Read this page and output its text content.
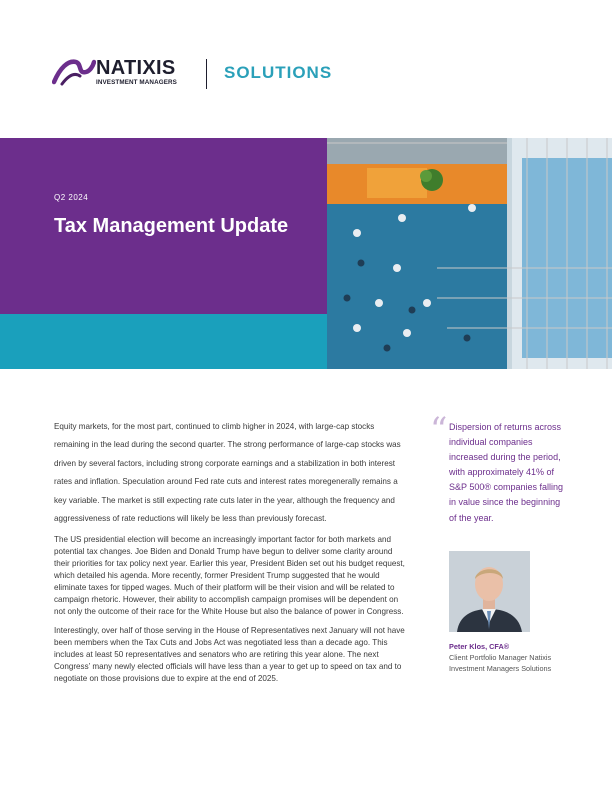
NATIXIS
INVESTMENT MANAGERS
SOLUTIONS
Q2 2024
Tax Management Update

Equity markets, for the most part, continued to climb higher in 2024, with large-cap stocks remaining in the lead during the second quarter. The strong performance of large-cap stocks was driven by several factors, including strong corporate earnings and a stabilization in both interest rates and inflation. Speculation around Fed rate cuts and interest rates moregenerally remains a key variable. The market is still expecting rate cuts later in the year, although the frequency and aggressiveness of rate reductions will likely be less than previously forecast.

The US presidential election will become an increasingly important factor for both markets and potential tax changes. Joe Biden and Donald Trump have begun to deliver some clarity around their priorities for tax policy next year. Earlier this year, President Biden set out his budget request, which detailed his agenda. More recently, former President Trump suggested that he would eliminate taxes for tipped wages. Much of their platform will be their vision and will be related to campaign rhetoric. However, their ability to accomplish campaign promises will be dependent on not only the outcome of their race for the White House but also the balance of power in Congress.

Interestingly, over half of those serving in the House of Representatives next January will not have been members when the Tax Cuts and Jobs Act was negotiated less than a decade ago. This includes at least 50 representatives and senators who are retiring this year alone. The next Congress’ many newly elected officials will have less than a year to get up to speed on tax and to negotiate on those provisions due to expire at the end of 2025.

“ Dispersion of returns across individual companies increased during the period, with approximately 41% of S&P 500® companies falling in value since the beginning of the year.
Peter Klos, CFA®
Client Portfolio Manager Natixis Investment Managers Solutions
